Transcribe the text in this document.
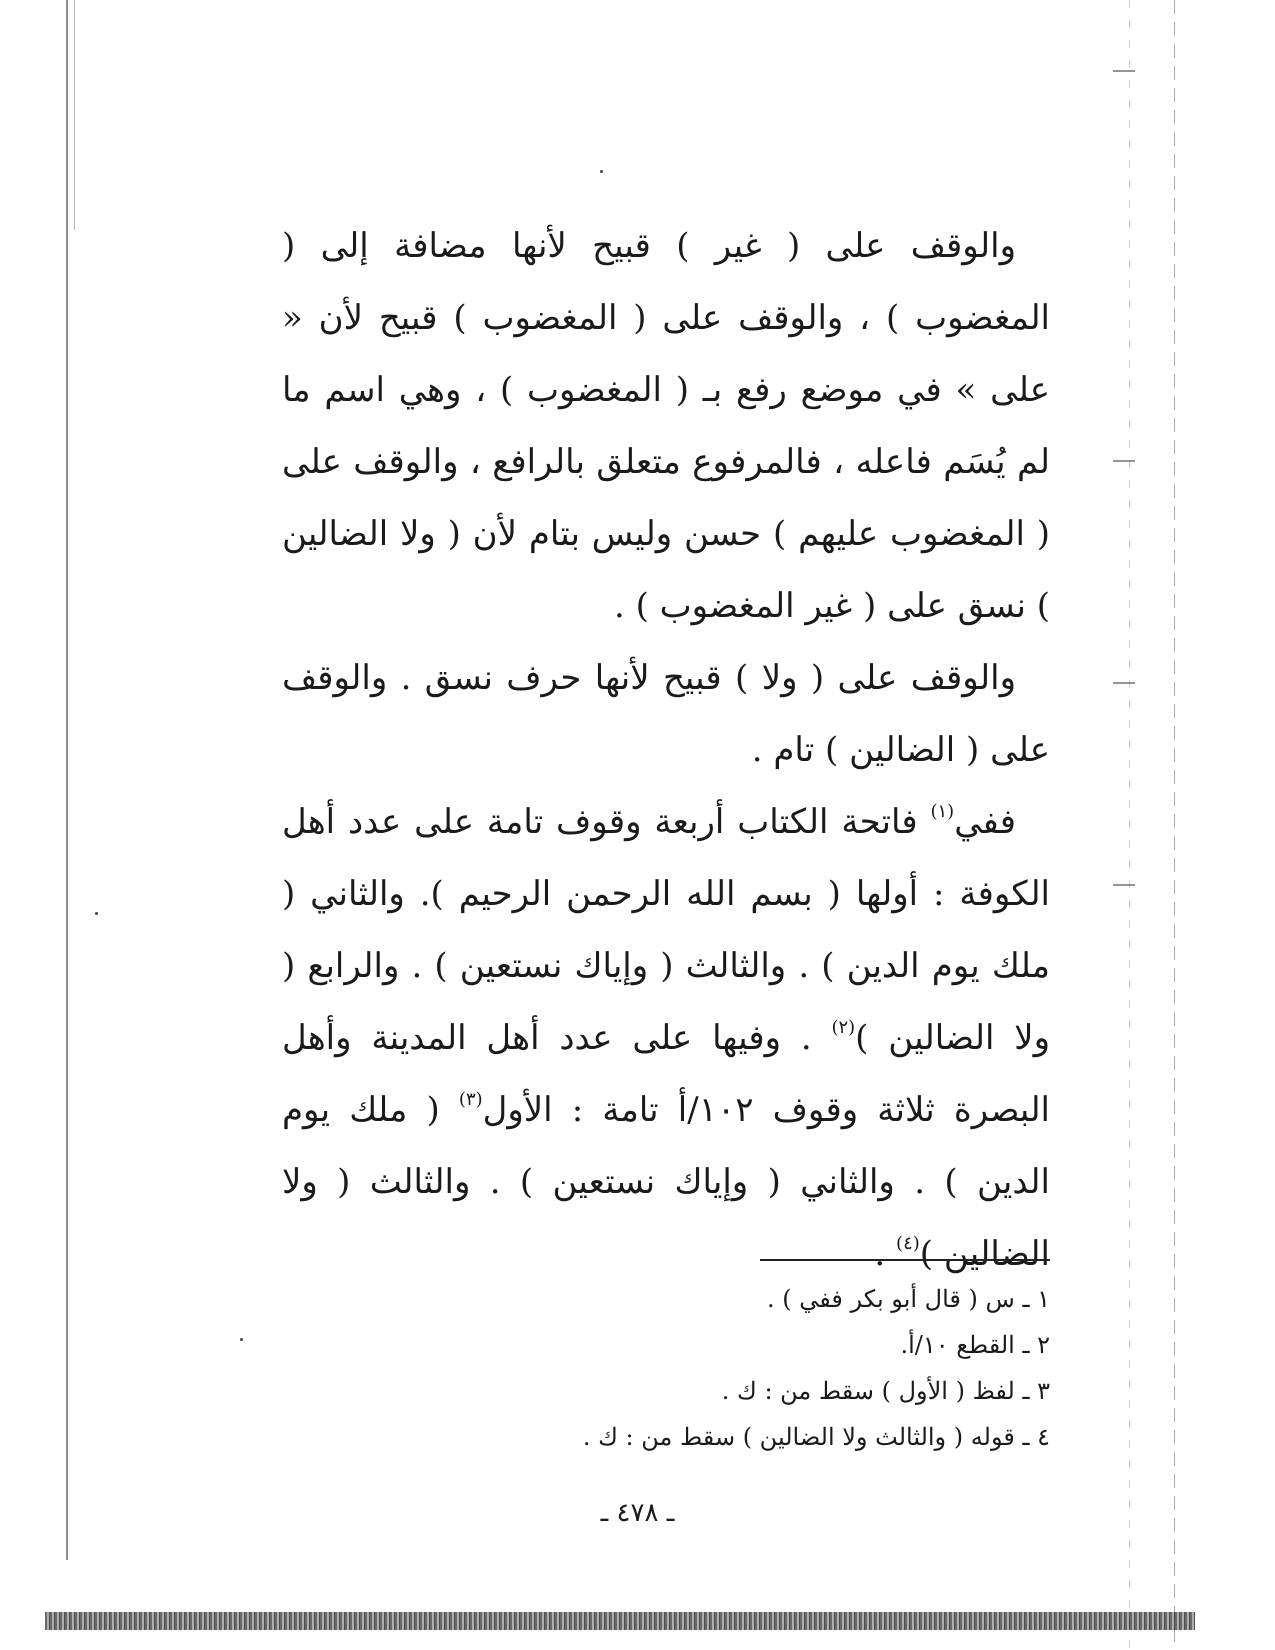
والوقف على ( غير ) قبيح لأنها مضافة إلى ( المغضوب ) ، والوقف على ( المغضوب ) قبيح لأن « على » في موضع رفع بـ ( المغضوب ) ، وهي اسم ما لم يُسَم فاعله ، فالمرفوع متعلق بالرافع ، والوقف على ( المغضوب عليهم ) حسن وليس بتام لأن ( ولا الضالين ) نسق على ( غير المغضوب ) .

والوقف على ( ولا ) قبيح لأنها حرف نسق . والوقف على ( الضالين ) تام .

ففي$^{(١)}$ فاتحة الكتاب أربعة وقوف تامة على عدد أهل الكوفة : أولها ( بسم الله الرحمن الرحيم ). والثاني ( ملك يوم الدين ) . والثالث ( وإياك نستعين ) . والرابع ( ولا الضالين )$^{(٢)}$ . وفيها على عدد أهل المدينة وأهل البصرة ثلاثة وقوف ١٠٢/أ تامة : الأول$^{(٣)}$ ( ملك يوم الدين ) . والثاني ( وإياك نستعين ) . والثالث ( ولا الضالين )$^{(٤)}$ .

١ ـ س ( قال أبو بكر ففي ) .
٢ ـ القطع ١٠/أ.
٣ ـ لفظ ( الأول ) سقط من : ك .
٤ ـ قوله ( والثالث ولا الضالين ) سقط من : ك .
ـ ٤٧٨ ـ
